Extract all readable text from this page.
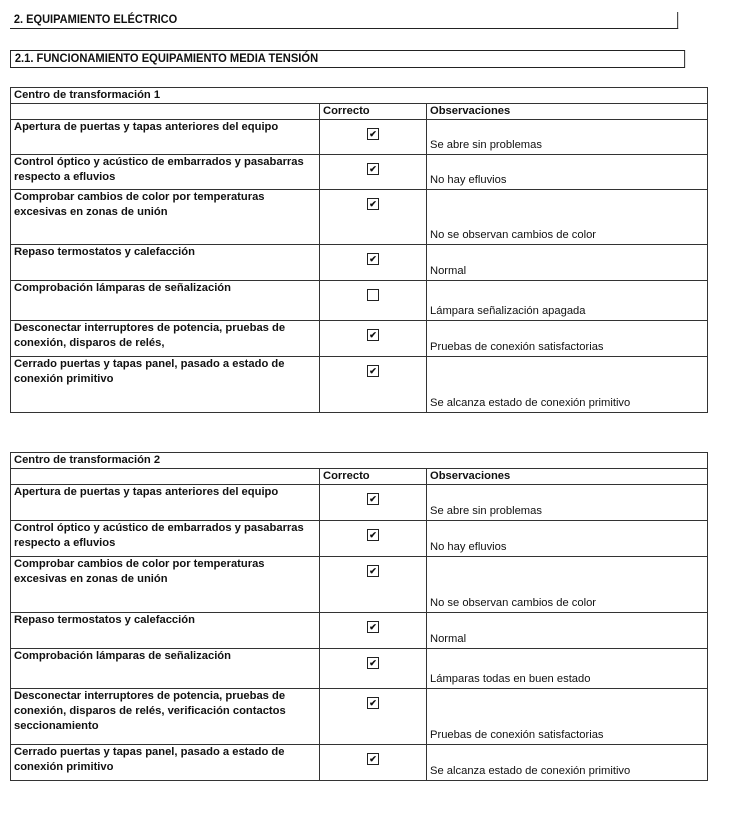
2. EQUIPAMIENTO ELÉCTRICO
2.1. FUNCIONAMIENTO EQUIPAMIENTO MEDIA TENSIÓN
Centro de transformación 1		
	Correcto	Observaciones
Apertura de puertas y tapas anteriores del equipo	✔	Se abre sin problemas
Control óptico y acústico de embarrados y pasabarras respecto a efluvios	✔	No hay efluvios
Comprobar cambios de color por temperaturas excesivas en zonas de unión	✔	No se observan cambios de color
Repaso termostatos y calefacción	✔	Normal
Comprobación lámparas de señalización		Lámpara señalización apagada
Desconectar interruptores de potencia, pruebas de conexión, disparos de relés,	✔	Pruebas de conexión satisfactorias
Cerrado puertas y tapas panel, pasado a estado de conexión primitivo	✔	Se alcanza estado de conexión primitivo
Centro de transformación 2		
	Correcto	Observaciones
Apertura de puertas y tapas anteriores del equipo	✔	Se abre sin problemas
Control óptico y acústico de embarrados y pasabarras respecto a efluvios	✔	No hay efluvios
Comprobar cambios de color por temperaturas excesivas en zonas de unión	✔	No se observan cambios de color
Repaso termostatos y calefacción	✔	Normal
Comprobación lámparas de señalización	✔	Lámparas todas en buen estado
Desconectar interruptores de potencia, pruebas de conexión, disparos de relés, verificación contactos seccionamiento	✔	Pruebas de conexión satisfactorias
Cerrado puertas y tapas panel, pasado a estado de conexión primitivo	✔	Se alcanza estado de conexión primitivo
